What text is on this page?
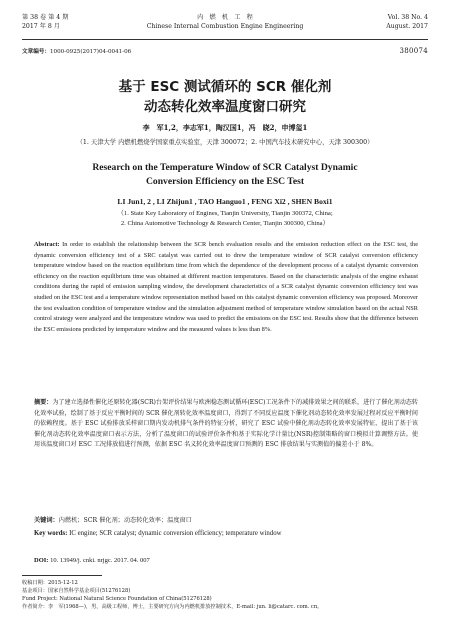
第 38 卷 第 4 期
2017 年 8 月
内　燃　机　工　程
Chinese Internal Combustion Engine Engineering
Vol. 38 No. 4
August. 2017
文章编号：1000-0925(2017)04-0041-06	380074
基于 ESC 测试循环的 SCR 催化剂
动态转化效率温度窗口研究
李　军1,2，李志军1，陶汉国1，冯　晓2，申博玺1
（1. 天津大学 内燃机燃烧学国家重点实验室，天津 300072；2. 中国汽车技术研究中心，天津 300300）
Research on the Temperature Window of SCR Catalyst Dynamic
Conversion Efficiency on the ESC Test
LI Jun1, 2 , LI Zhijun1 , TAO Hanguo1 , FENG Xi2 , SHEN Boxi1
（1. State Key Laboratory of Engines, Tianjin University, Tianjin 300372, China;
2. China Automotive Technology & Research Center, Tianjin 300300, China）
Abstract: In order to establish the relationship between the SCR bench evaluation results and the emission reduction effect on the ESC test, the dynamic conversion efficiency test of a SRC catalyst was carried out to drew the temperature window of SCR catalyst conversion efficiency temperature window based on the reaction equilibrium time from which the dependence of the development process of a catalyst dynamic conversion efficiency on the reaction equilibrium time was obtained at different reaction temperatures. Based on the characteristic analysis of the engine exhaust conditions during the rapid of emission sampling window, the development characteristics of a SCR catalyst dynamic conversion efficiency test was studied on the ESC test and a temperature window representation method based on this catalyst dynamic conversion efficiency was proposed. Moreover the test evaluation condition of temperature window and the simulation adjustment method of temperature window simulation based on the actual NSR control strategy were analyzed and the temperature window was used to predict the emissions on the ESC test. Results show that the difference between the ESC emissions predicted by temperature window and the measured values is less than 8%.
摘要：为了建立选择性催化还原转化器(SCR)台架评价结果与欧洲稳态测试循环(ESC)工况条件下的减排效果之间的联系，进行了催化剂动态转化效率试验，绘制了基于反应平衡时间的 SCR 催化剂转化效率温度窗口，得到了不同反应温度下催化剂动态转化效率发展过程对反应平衡时间的依赖程度。基于 ESC 试验排放采样窗口期内发动机排气条件的特征分析，研究了 ESC 试验中催化剂动态转化效率发展特征，提出了基于该催化剂动态转化效率温度窗口表示方法，分析了温度窗口的试验评价条件和基于实际化学计量比(NSR)控制策略的窗口模拟计算调整方法。使用该温度窗口对 ESC 工况排放值进行预测，依据 ESC 名义转化效率温度窗口预测的 ESC 排放结果与实测值的偏差小于 8%。
关键词：内燃机；SCR 催化剂；动态转化效率；温度窗口
Key words: IC engine; SCR catalyst; dynamic conversion efficiency; temperature window
DOI: 10. 13949/j. cnki. nrjgc. 2017. 04. 007
收稿日期：2015-12-12
基金项目：国家自然科学基金项目(51276128)
Fund Project: National Natural Science Foundation of China(51276128)
作者简介：李　军(1968—)，男，高级工程师，博士，主要研究方向为内燃机排放控制技术，E-mail: jun. li@catarc. com. cn。
